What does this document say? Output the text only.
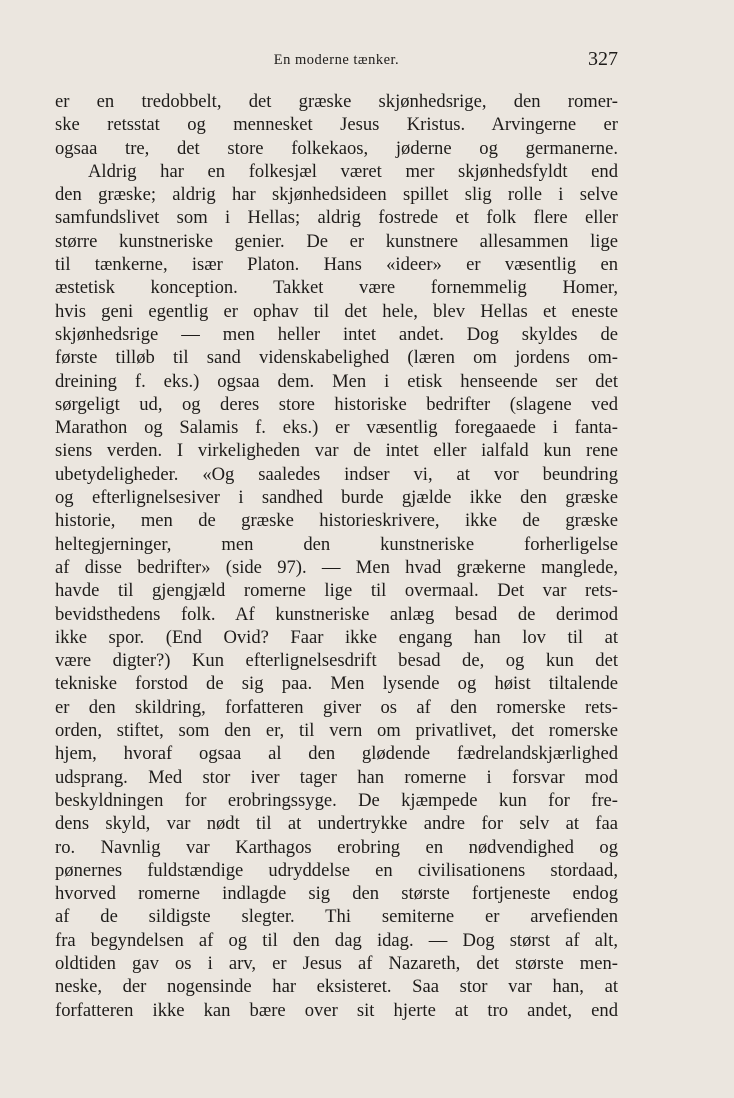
En moderne tænker.	327
er en tredobbelt, det græske skjønhedsrige, den romer-
ske retsstat og mennesket Jesus Kristus. Arvingerne er
ogsaa tre, det store folkekaos, jøderne og germanerne.
Aldrig har en folkesjæl været mer skjønhedsfyldt end
den græske; aldrig har skjønhedsideen spillet slig rolle i selve
samfundslivet som i Hellas; aldrig fostrede et folk flere eller
større kunstneriske genier. De er kunstnere allesammen lige
til tænkerne, især Platon. Hans «ideer» er væsentlig en
æstetisk konception. Takket være fornemmelig Homer,
hvis geni egentlig er ophav til det hele, blev Hellas et eneste
skjønhedsrige — men heller intet andet. Dog skyldes de
første tilløb til sand videnskabelighed (læren om jordens om-
dreining f. eks.) ogsaa dem. Men i etisk henseende ser det
sørgeligt ud, og deres store historiske bedrifter (slagene ved
Marathon og Salamis f. eks.) er væsentlig foregaaede i fanta-
siens verden. I virkeligheden var de intet eller ialfald kun rene
ubetydeligheder. «Og saaledes indser vi, at vor beundring
og efterlignelsesiver i sandhed burde gjælde ikke den græske
historie, men de græske historieskrivere, ikke de græske
heltegjerninger, men den kunstneriske forherligelse
af disse bedrifter» (side 97). — Men hvad grækerne manglede,
havde til gjengjæld romerne lige til overmaal. Det var rets-
bevidsthedens folk. Af kunstneriske anlæg besad de derimod
ikke spor. (End Ovid? Faar ikke engang han lov til at
være digter?) Kun efterlignelsesdrift besad de, og kun det
tekniske forstod de sig paa. Men lysende og høist tiltalende
er den skildring, forfatteren giver os af den romerske rets-
orden, stiftet, som den er, til vern om privatlivet, det romerske
hjem, hvoraf ogsaa al den glødende fædrelandskjærlighed
udsprang. Med stor iver tager han romerne i forsvar mod
beskyldningen for erobringssyge. De kjæmpede kun for fre-
dens skyld, var nødt til at undertrykke andre for selv at faa
ro. Navnlig var Karthagos erobring en nødvendighed og
pønernes fuldstændige udryddelse en civilisationens stordaad,
hvorved romerne indlagde sig den største fortjeneste endog
af de sildigste slegter. Thi semiterne er arvefienden
fra begyndelsen af og til den dag idag. — Dog størst af alt,
oldtiden gav os i arv, er Jesus af Nazareth, det største men-
neske, der nogensinde har eksisteret. Saa stor var han, at
forfatteren ikke kan bære over sit hjerte at tro andet, end
